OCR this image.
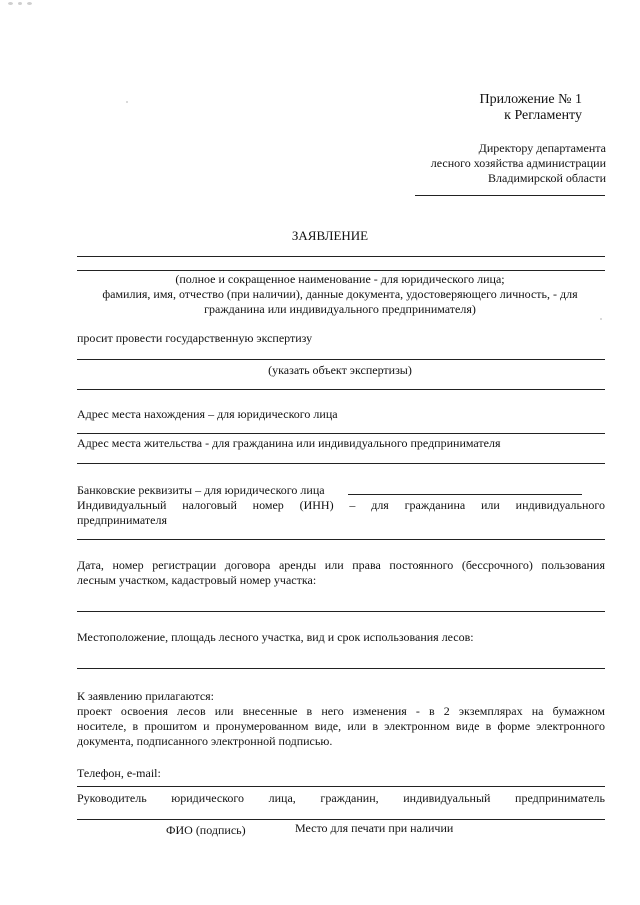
Приложение № 1
к Регламенту
Директору департамента
лесного хозяйства администрации
Владимирской области
ЗАЯВЛЕНИЕ
(полное и сокращенное наименование - для юридического лица;
фамилия, имя, отчество (при наличии), данные документа, удостоверяющего личность, - для
гражданина или индивидуального предпринимателя)
просит провести государственную экспертизу
(указать объект экспертизы)
Адрес места нахождения – для юридического лица
Адрес места жительства - для гражданина или индивидуального предпринимателя
Банковские реквизиты – для юридического лица
Индивидуальный налоговый номер (ИНН) – для гражданина или индивидуального
предпринимателя
Дата, номер регистрации договора аренды или права постоянного (бессрочного) пользования
лесным участком, кадастровый номер участка:
Местоположение, площадь лесного участка, вид и срок использования лесов:
К заявлению прилагаются:
проект освоения лесов или внесенные в него изменения - в 2 экземплярах на бумажном
носителе, в прошитом и пронумерованном виде, или в электронном виде в форме электронного
документа, подписанного электронной подписью.
Телефон, e-mail:
Руководитель юридического лица, гражданин, индивидуальный предприниматель
ФИО (подпись)	Место для печати при наличии
